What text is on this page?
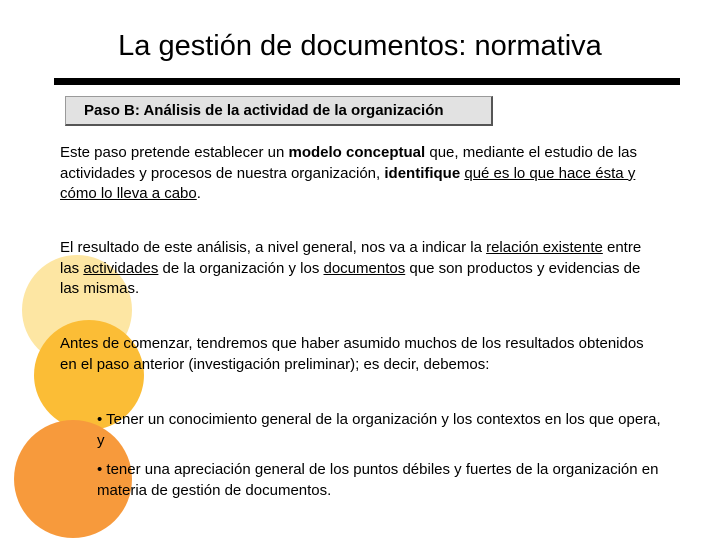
La gestión de documentos: normativa
Paso B: Análisis de la actividad de la organización

Este paso pretende establecer un modelo conceptual que, mediante el estudio de las actividades y procesos de nuestra organización, identifique qué es lo que hace ésta y cómo lo lleva a cabo.

El resultado de este análisis, a nivel general, nos va a indicar la relación existente entre las actividades de la organización y los documentos que son productos y evidencias de las mismas.

Antes de comenzar, tendremos que haber asumido muchos de los resultados obtenidos en el paso anterior (investigación preliminar); es decir, debemos:

• Tener un conocimiento general de la organización y los contextos en los que opera, y

• tener una apreciación general de los puntos débiles y fuertes de la organización en materia de gestión de documentos.
